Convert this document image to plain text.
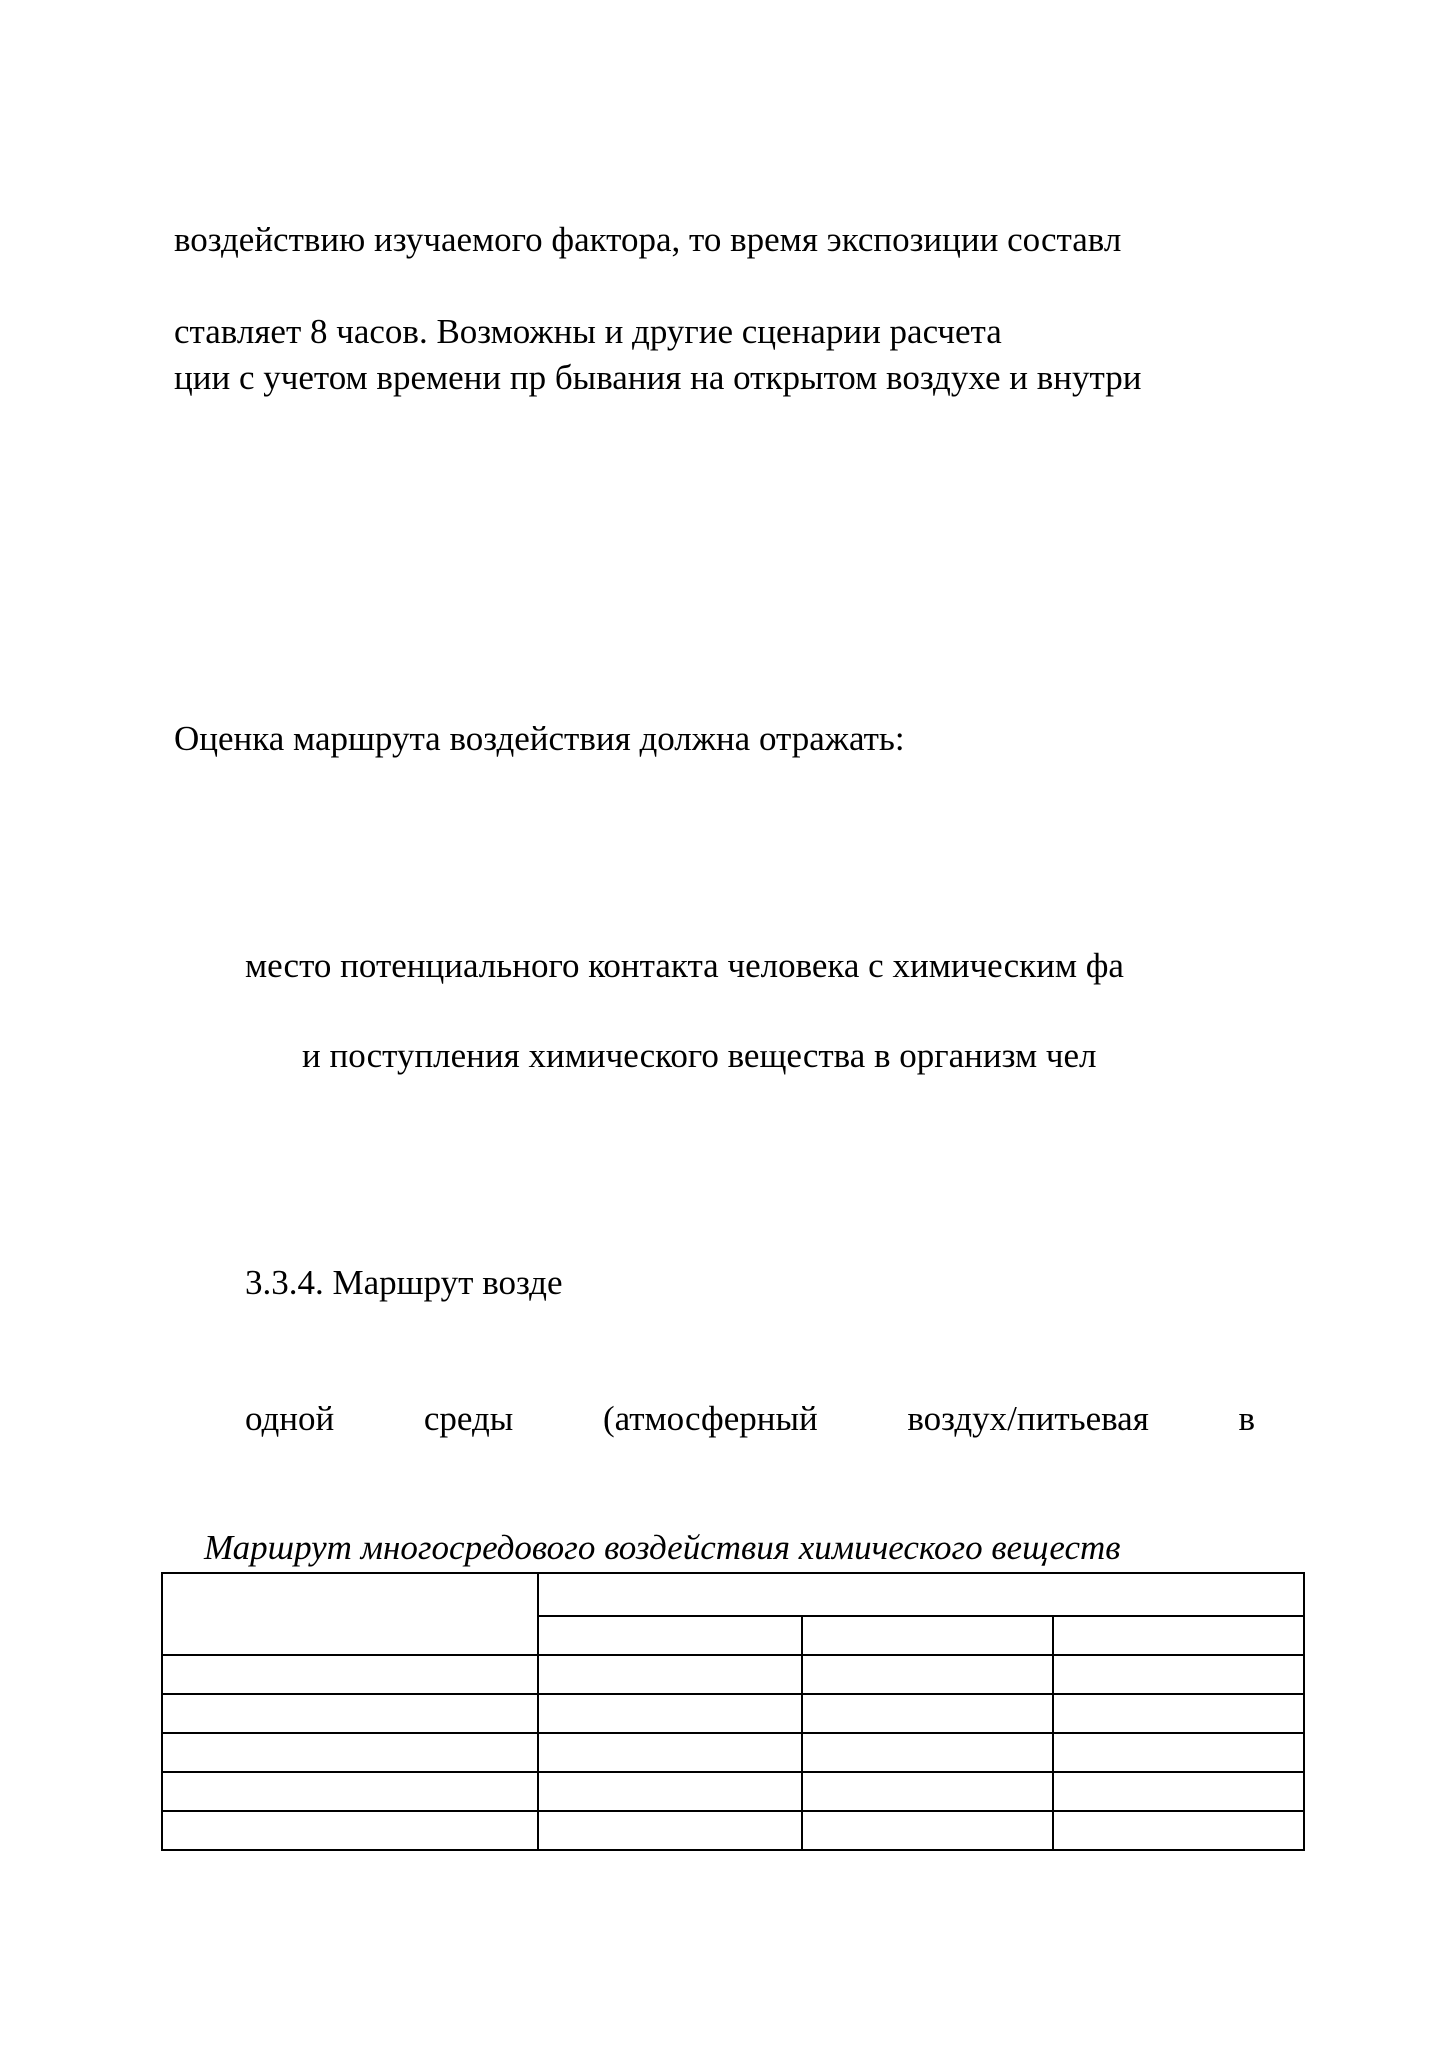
воздействию изучаемого фактора, то время экспозиции составл
ставляет 8 часов. Возможны и другие сценарии расчета
ции с учетом времени пр бывания на открытом воздухе и внутри
Оценка маршрута воздействия должна отражать:
место потенциального контакта человека с химическим фа
и поступления химического вещества в организм чел
3.3.4. Маршрут возде
одной	среды	(атмосферный	воздух/питьевая	в
Маршрут многосредового воздействия химического веществ
